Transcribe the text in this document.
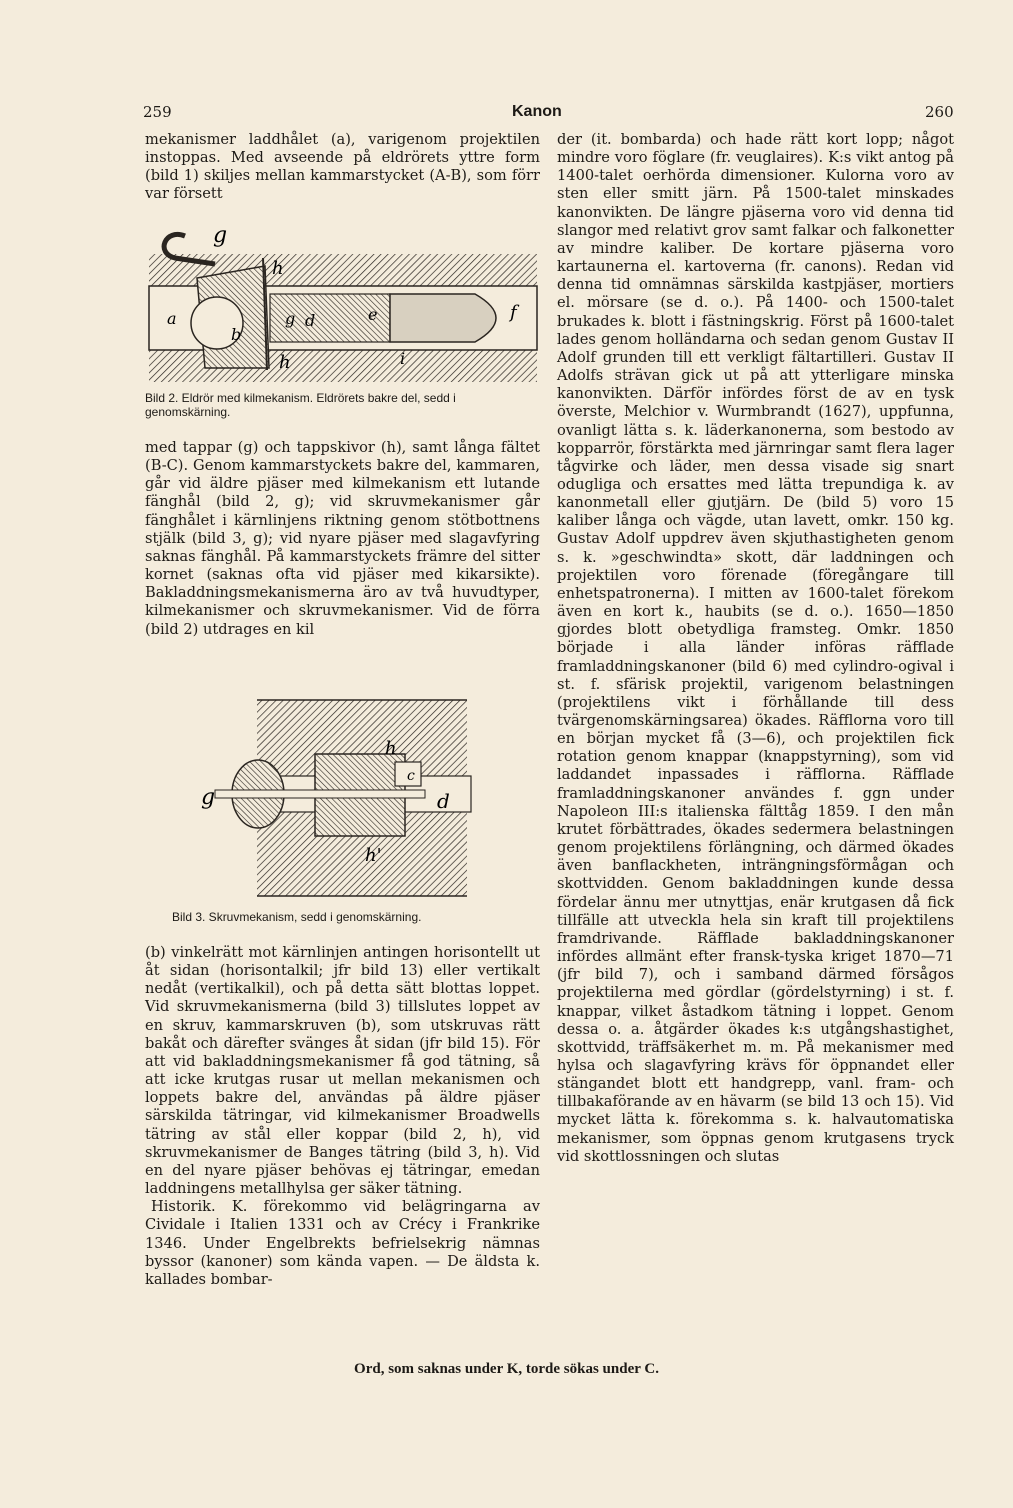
259	Kanon	260

mekanismer laddhålet (a), varigenom projektilen instoppas. Med avseende på eldrörets yttre form (bild 1) skiljes mellan kammarstycket (A-B), som förr var försett

g
h
a
b
g d	e	f
h	i
Bild 2. Eldrör med kilmekanism. Eldrörets bakre del, sedd i genomskärning.

med tappar (g) och tappskivor (h), samt långa fältet (B-C). Genom kammarstyckets bakre del, kammaren, går vid äldre pjäser med kilmekanism ett lutande fänghål (bild 2, g); vid skruvmekanismer går fänghålet i kärnlinjens riktning genom stötbottnens stjälk (bild 3, g); vid nyare pjäser med slagavfyring saknas fänghål. På kammarstyckets främre del sitter kornet (saknas ofta vid pjäser med kikarsikte). Bakladdningsmekanismerna äro av två huvudtyper, kilmekanismer och skruvmekanismer. Vid de förra (bild 2) utdrages en kil

h
c
g	d
h'
Bild 3. Skruvmekanism, sedd i genomskärning.

(b) vinkelrätt mot kärnlinjen antingen horisontellt ut åt sidan (horisontalkil; jfr bild 13) eller vertikalt nedåt (vertikalkil), och på detta sätt blottas loppet. Vid skruvmekanismerna (bild 3) tillslutes loppet av en skruv, kammarskruven (b), som utskruvas rätt bakåt och därefter svänges åt sidan (jfr bild 15). För att vid bakladdningsmekanismer få god tätning, så att icke krutgas rusar ut mellan mekanismen och loppets bakre del, användas på äldre pjäser särskilda tätringar, vid kilmekanismer Broadwells tätring av stål eller koppar (bild 2, h), vid skruvmekanismer de Banges tätring (bild 3, h). Vid en del nyare pjäser behövas ej tätringar, emedan laddningens metallhylsa ger säker tätning.

Historik. K. förekommo vid belägringarna av Cividale i Italien 1331 och av Crécy i Frankrike 1346. Under Engelbrekts befrielsekrig nämnas byssor (kanoner) som kända vapen. — De äldsta k. kallades bombar-

der (it. bombarda) och hade rätt kort lopp; något mindre voro föglare (fr. veuglaires). K:s vikt antog på 1400-talet oerhörda dimensioner. Kulorna voro av sten eller smitt järn. På 1500-talet minskades kanonvikten. De längre pjäserna voro vid denna tid slangor med relativt grov samt falkar och falkonetter av mindre kaliber. De kortare pjäserna voro kartaunerna el. kartoverna (fr. canons). Redan vid denna tid omnämnas särskilda kastpjäser, mortiers el. mörsare (se d. o.). På 1400- och 1500-talet brukades k. blott i fästningskrig. Först på 1600-talet lades genom holländarna och sedan genom Gustav II Adolf grunden till ett verkligt fältartilleri. Gustav II Adolfs strävan gick ut på att ytterligare minska kanonvikten. Därför infördes först de av en tysk överste, Melchior v. Wurmbrandt (1627), uppfunna, ovanligt lätta s. k. läderkanonerna, som bestodo av kopparrör, förstärkta med järnringar samt flera lager tågvirke och läder, men dessa visade sig snart odugliga och ersattes med lätta trepundiga k. av kanonmetall eller gjutjärn. De (bild 5) voro 15 kaliber långa och vägde, utan lavett, omkr. 150 kg. Gustav Adolf uppdrev även skjuthastigheten genom s. k. »geschwindta» skott, där laddningen och projektilen voro förenade (föregångare till enhetspatronerna). I mitten av 1600-talet förekom även en kort k., haubits (se d. o.). 1650—1850 gjordes blott obetydliga framsteg. Omkr. 1850 började i alla länder införas räfflade framladdningskanoner (bild 6) med cylindro-ogival i st. f. sfärisk projektil, varigenom belastningen (projektilens vikt i förhållande till dess tvärgenomskärningsarea) ökades. Räfflorna voro till en början mycket få (3—6), och projektilen fick rotation genom knappar (knappstyrning), som vid laddandet inpassades i räfflorna. Räfflade framladdningskanoner användes f. ggn under Napoleon III:s italienska fälttåg 1859. I den mån krutet förbättrades, ökades sedermera belastningen genom projektilens förlängning, och därmed ökades även banflackheten, inträngningsförmågan och skottvidden. Genom bakladdningen kunde dessa fördelar ännu mer utnyttjas, enär krutgasen då fick tillfälle att utveckla hela sin kraft till projektilens framdrivande. Räfflade bakladdningskanoner infördes allmänt efter fransk-tyska kriget 1870—71 (jfr bild 7), och i samband därmed försågos projektilerna med gördlar (gördelstyrning) i st. f. knappar, vilket åstadkom tätning i loppet. Genom dessa o. a. åtgärder ökades k:s utgångshastighet, skottvidd, träffsäkerhet m. m. På mekanismer med hylsa och slagavfyring krävs för öppnandet eller stängandet blott ett handgrepp, vanl. fram- och tillbakaförande av en hävarm (se bild 13 och 15). Vid mycket lätta k. förekomma s. k. halvautomatiska mekanismer, som öppnas genom krutgasens tryck vid skottlossningen och slutas

Ord, som saknas under K, torde sökas under C.
